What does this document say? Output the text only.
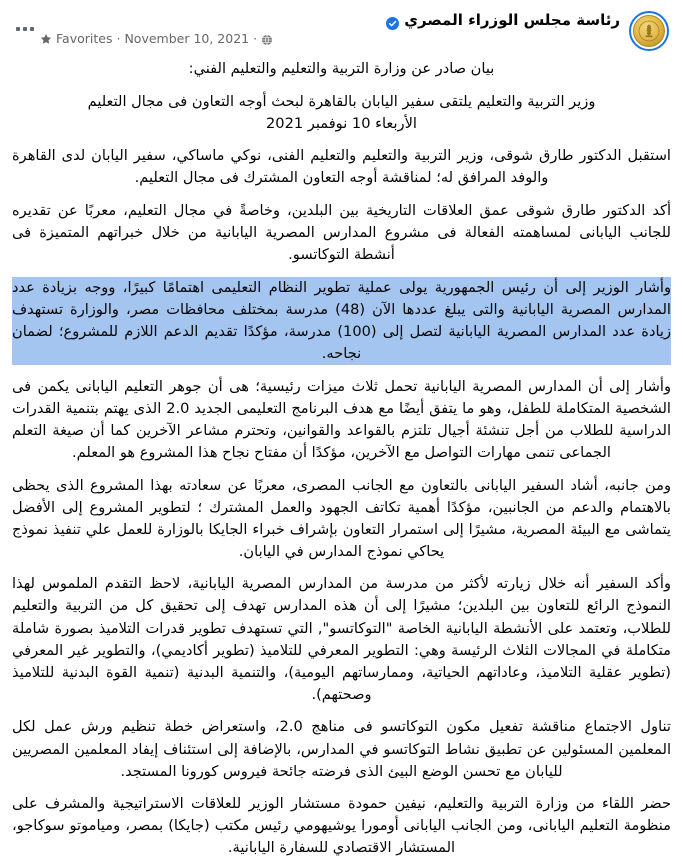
رئاسة مجلس الوزراء المصري
Favorites · November 10, 2021 ·

بيان صادر عن وزارة التربية والتعليم والتعليم الفني:

وزير التربية والتعليم يلتقى سفير اليابان بالقاهرة لبحث أوجه التعاون فى مجال التعليم

الأربعاء 10 نوفمبر 2021

استقبل الدكتور طارق شوقى، وزير التربية والتعليم والتعليم الفنى، نوكي ماساكي، سفير اليابان لدى القاهرة والوفد المرافق له؛ لمناقشة أوجه التعاون المشترك فى مجال التعليم.

أكد الدكتور طارق شوقى عمق العلاقات التاريخية بين البلدين، وخاصةً في مجال التعليم، معربًا عن تقديره للجانب اليابانى لمساهمته الفعالة فى مشروع المدارس المصرية اليابانية من خلال خبراتهم المتميزة فى أنشطة التوكاتسو.

وأشار الوزير إلى أن رئيس الجمهورية يولى عملية تطوير النظام التعليمى اهتمامًا كبيرًا، ووجه بزيادة عدد المدارس المصرية اليابانية والتى يبلغ عددها الآن (48) مدرسة بمختلف محافظات مصر، والوزارة تستهدف زيادة عدد المدارس المصرية اليابانية لتصل إلى (100) مدرسة، مؤكدًا تقديم الدعم اللازم للمشروع؛ لضمان نجاحه.

وأشار إلى أن المدارس المصرية اليابانية تحمل ثلاث ميزات رئيسية؛ هى أن جوهر التعليم اليابانى يكمن فى الشخصية المتكاملة للطفل، وهو ما يتفق أيضًا مع هدف البرنامج التعليمى الجديد 2.0 الذى يهتم بتنمية القدرات الدراسية للطلاب من أجل تنشئة أجيال تلتزم بالقواعد والقوانين، وتحترم مشاعر الآخرين كما أن صيغة التعلم الجماعى تنمى مهارات التواصل مع الآخرين، مؤكدًا أن مفتاح نجاح هذا المشروع هو المعلم.

ومن جانبه، أشاد السفير اليابانى بالتعاون مع الجانب المصرى، معربًا عن سعادته بهذا المشروع الذى يحظى بالاهتمام والدعم من الجانبين، مؤكدًا أهمية تكاتف الجهود والعمل المشترك ؛ لتطوير المشروع إلى الأفضل يتماشى مع البيئة المصرية، مشيرًا إلى استمرار التعاون بإشراف خبراء الجايكا بالوزارة للعمل علي تنفيذ نموذج يحاكي نموذج المدارس في اليابان.

وأكد السفير أنه خلال زيارته لأكثر من مدرسة من المدارس المصرية اليابانية، لاحظ التقدم الملموس لهذا النموذج الرائع للتعاون بين البلدين؛ مشيرًا إلى أن هذه المدارس تهدف إلى تحقيق كل من التربية والتعليم للطلاب، وتعتمد على الأنشطة اليابانية الخاصة "التوكاتسو", التي تستهدف تطوير قدرات التلاميذ بصورة شاملة متكاملة في المجالات الثلاث الرئيسة وهي: التطوير المعرفي للتلاميذ (تطوير أكاديمي)، والتطوير غير المعرفي (تطوير عقلية التلاميذ، وعاداتهم الحياتية، وممارساتهم اليومية)، والتنمية البدنية (تنمية القوة البدنية للتلاميذ وصحتهم).

تناول الاجتماع مناقشة تفعيل مكون التوكاتسو فى مناهج 2.0، واستعراض خطة تنظيم ورش عمل لكل المعلمين المسئولين عن تطبيق نشاط التوكاتسو في المدارس، بالإضافة إلى استئناف إيفاد المعلمين المصريين لليابان مع تحسن الوضع البيئ الذى فرضته جائحة فيروس كورونا المستجد.

حضر اللقاء من وزارة التربية والتعليم، نيفين حمودة مستشار الوزير للعلاقات الاستراتيجية والمشرف على منظومة التعليم اليابانى، ومن الجانب اليابانى أومورا يوشيهومي رئيس مكتب (جايكا) بمصر، ومياموتو سوكاجو، المستشار الاقتصادي للسفارة اليابانية.
